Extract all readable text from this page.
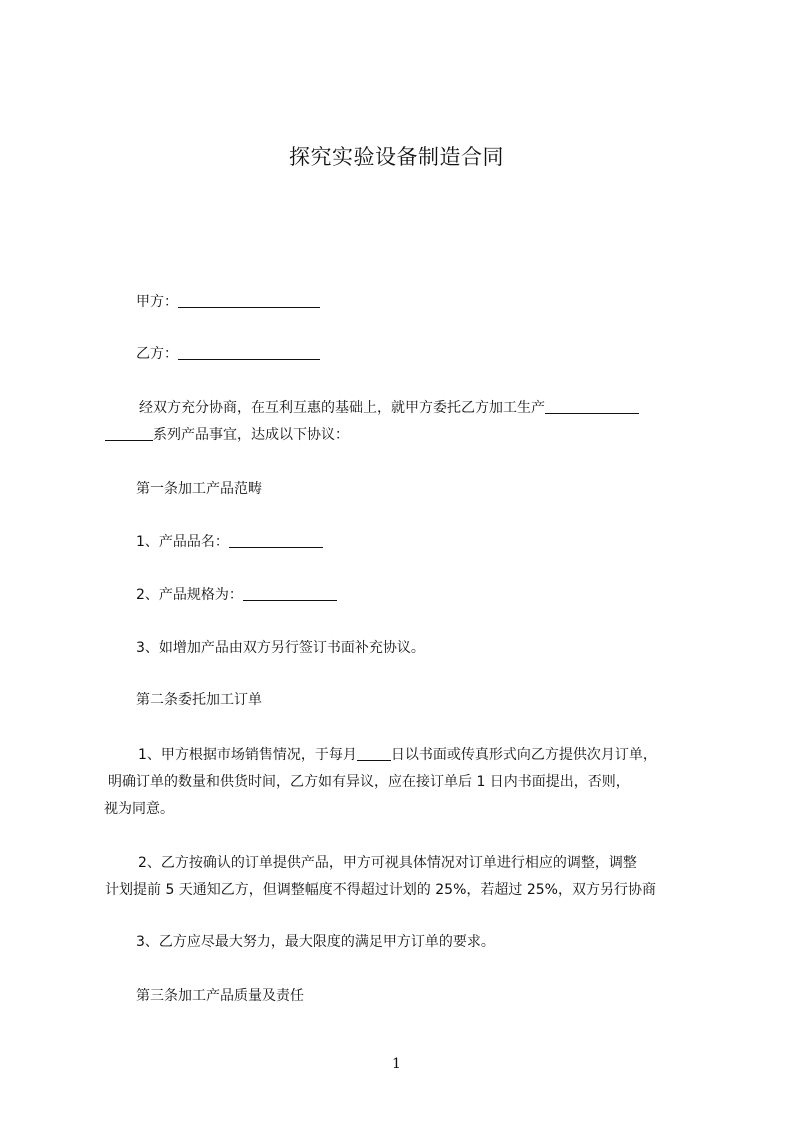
探究实验设备制造合同
甲方：
乙方：
经双方充分协商，在互利互惠的基础上，就甲方委托乙方加工生产
系列产品事宜，达成以下协议：
第一条加工产品范畴
1、产品品名：
2、产品规格为：
3、如增加产品由双方另行签订书面补充协议。
第二条委托加工订单
1、甲方根据市场销售情况，于每月 日以书面或传真形式向乙方提供次月订单，
明确订单的数量和供货时间，乙方如有异议，应在接订单后 1 日内书面提出，否则，
视为同意。
2、乙方按确认的订单提供产品，甲方可视具体情况对订单进行相应的调整，调整
计划提前 5 天通知乙方，但调整幅度不得超过计划的 25%，若超过 25%，双方另行协商
3、乙方应尽最大努力，最大限度的满足甲方订单的要求。
第三条加工产品质量及责任
1
